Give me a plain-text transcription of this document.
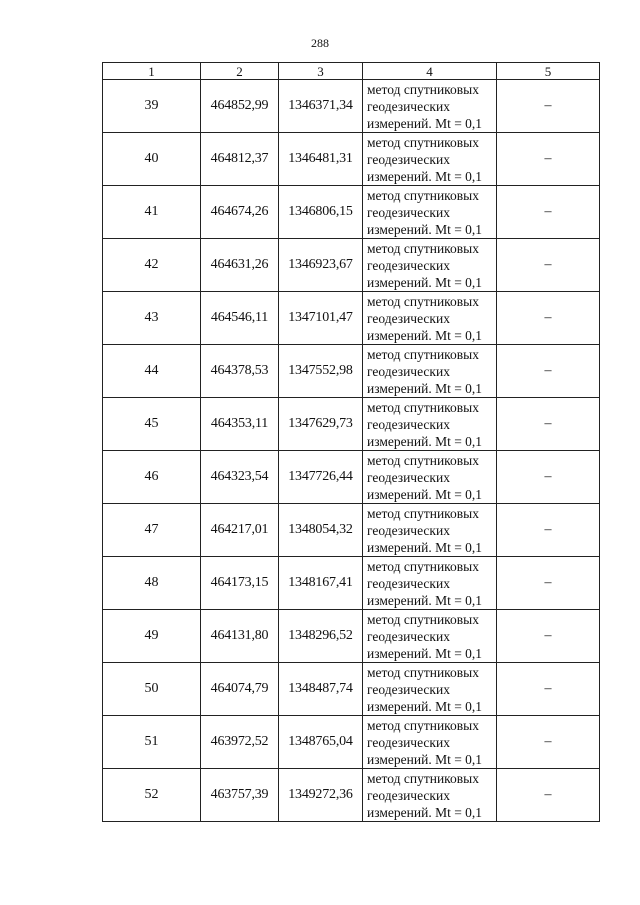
288
1	2	3	4	5
39	464852,99	1346371,34	метод спутниковых
геодезических
измерений. Mt = 0,1	–
40	464812,37	1346481,31	метод спутниковых
геодезических
измерений. Mt = 0,1	–
41	464674,26	1346806,15	метод спутниковых
геодезических
измерений. Mt = 0,1	–
42	464631,26	1346923,67	метод спутниковых
геодезических
измерений. Mt = 0,1	–
43	464546,11	1347101,47	метод спутниковых
геодезических
измерений. Mt = 0,1	–
44	464378,53	1347552,98	метод спутниковых
геодезических
измерений. Mt = 0,1	–
45	464353,11	1347629,73	метод спутниковых
геодезических
измерений. Mt = 0,1	–
46	464323,54	1347726,44	метод спутниковых
геодезических
измерений. Mt = 0,1	–
47	464217,01	1348054,32	метод спутниковых
геодезических
измерений. Mt = 0,1	–
48	464173,15	1348167,41	метод спутниковых
геодезических
измерений. Mt = 0,1	–
49	464131,80	1348296,52	метод спутниковых
геодезических
измерений. Mt = 0,1	–
50	464074,79	1348487,74	метод спутниковых
геодезических
измерений. Mt = 0,1	–
51	463972,52	1348765,04	метод спутниковых
геодезических
измерений. Mt = 0,1	–
52	463757,39	1349272,36	метод спутниковых
геодезических
измерений. Mt = 0,1	–
